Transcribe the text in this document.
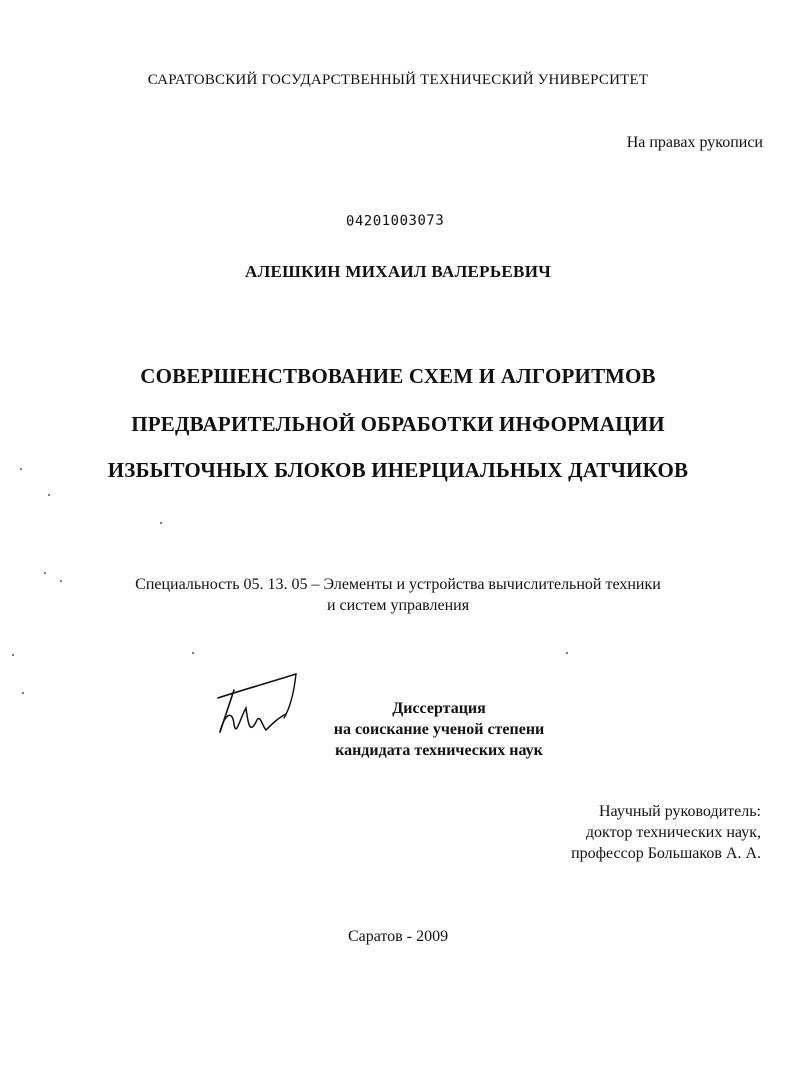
САРАТОВСКИЙ ГОСУДАРСТВЕННЫЙ ТЕХНИЧЕСКИЙ УНИВЕРСИТЕТ
На правах рукописи
04201003073
АЛЕШКИН МИХАИЛ ВАЛЕРЬЕВИЧ
СОВЕРШЕНСТВОВАНИЕ СХЕМ И АЛГОРИТМОВ
ПРЕДВАРИТЕЛЬНОЙ ОБРАБОТКИ ИНФОРМАЦИИ
ИЗБЫТОЧНЫХ БЛОКОВ ИНЕРЦИАЛЬНЫХ ДАТЧИКОВ
Специальность 05. 13. 05 – Элементы и устройства вычислительной техники
и систем управления
Диссертация
на соискание ученой степени
кандидата технических наук
Научный руководитель:
доктор технических наук,
профессор Большаков А. А.
Саратов - 2009
